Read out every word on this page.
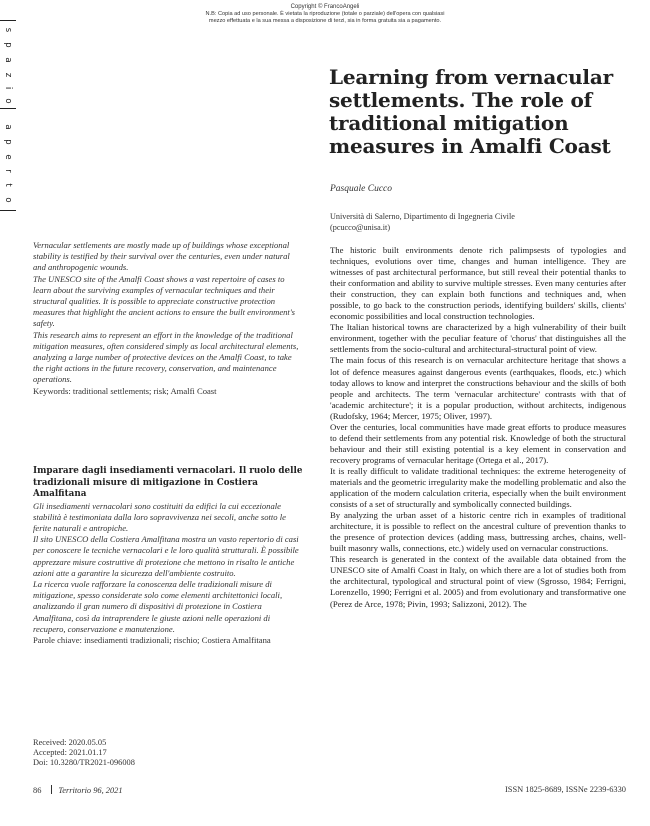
Copyright © FrancoAngeli
N.B: Copia ad uso personale. È vietata la riproduzione (totale o parziale) dell'opera con qualsiasi
mezzo effettuata e la sua messa a disposizione di terzi, sia in forma gratuita sia a pagamento.
s
p
a
z
i
o
a
p
e
r
t
o
Learning from vernacular settlements. The role of traditional mitigation measures in Amalfi Coast
Pasquale Cucco
Università di Salerno, Dipartimento di Ingegneria Civile
(pcucco@unisa.it)

Vernacular settlements are mostly made up of buildings whose exceptional stability is testified by their survival over the centuries, even under natural and anthropogenic wounds.

The UNESCO site of the Amalfi Coast shows a vast repertoire of cases to learn about the surviving examples of vernacular techniques and their structural qualities. It is possible to appreciate constructive protection measures that highlight the ancient actions to ensure the built environment's safety.

This research aims to represent an effort in the knowledge of the traditional mitigation measures, often considered simply as local architectural elements, analyzing a large number of protective devices on the Amalfi Coast, to take the right actions in the future recovery, conservation, and maintenance operations.

Keywords: traditional settlements; risk; Amalfi Coast

Imparare dagli insediamenti vernacolari. Il ruolo delle tradizionali misure di mitigazione in Costiera Amalfitana

Gli insediamenti vernacolari sono costituiti da edifici la cui eccezionale stabilità è testimoniata dalla loro sopravvivenza nei secoli, anche sotto le ferite naturali e antropiche.

Il sito UNESCO della Costiera Amalfitana mostra un vasto repertorio di casi per conoscere le tecniche vernacolari e le loro qualità strutturali. È possibile apprezzare misure costruttive di protezione che mettono in risalto le antiche azioni atte a garantire la sicurezza dell'ambiente costruito.

La ricerca vuole rafforzare la conoscenza delle tradizionali misure di mitigazione, spesso considerate solo come elementi architettonici locali, analizzando il gran numero di dispositivi di protezione in Costiera Amalfitana, così da intraprendere le giuste azioni nelle operazioni di recupero, conservazione e manutenzione.

Parole chiave: insediamenti tradizionali; rischio; Costiera Amalfitana
Received: 2020.05.05
Accepted: 2021.01.17
Doi: 10.3280/TR2021-096008

The historic built environments denote rich palimpsests of typologies and techniques, evolutions over time, changes and human intelligence. They are witnesses of past architectural performance, but still reveal their potential thanks to their conformation and ability to survive multiple stresses. Even many centuries after their construction, they can explain both functions and techniques and, when possible, to go back to the construction periods, identifying builders' skills, clients' economic possibilities and local construction technologies.

The Italian historical towns are characterized by a high vulnerability of their built environment, together with the peculiar feature of 'chorus' that distinguishes all the settlements from the socio-cultural and architectural-structural point of view.

The main focus of this research is on vernacular architecture heritage that shows a lot of defence measures against dangerous events (earthquakes, floods, etc.) which today allows to know and interpret the constructions behaviour and the skills of both people and architects. The term 'vernacular architecture' contrasts with that of 'academic architecture'; it is a popular production, without architects, indigenous (Rudofsky, 1964; Mercer, 1975; Oliver, 1997).

Over the centuries, local communities have made great efforts to produce measures to defend their settlements from any potential risk. Knowledge of both the structural behaviour and their still existing potential is a key element in conservation and recovery programs of vernacular heritage (Ortega et al., 2017).

It is really difficult to validate traditional techniques: the extreme heterogeneity of materials and the geometric irregularity make the modelling problematic and also the application of the modern calculation criteria, especially when the built environment consists of a set of structurally and symbolically connected buildings.

By analyzing the urban asset of a historic centre rich in examples of traditional architecture, it is possible to reflect on the ancestral culture of prevention thanks to the presence of protection devices (adding mass, buttressing arches, chains, well-built masonry walls, connections, etc.) widely used on vernacular constructions.

This research is generated in the context of the available data obtained from the UNESCO site of Amalfi Coast in Italy, on which there are a lot of studies both from the architectural, typological and structural point of view (Sgrosso, 1984; Ferrigni, Lorenzello, 1990; Ferrigni et al. 2005) and from evolutionary and transformative one (Perez de Arce, 1978; Pivin, 1993; Salizzoni, 2012). The

86 Territorio 96, 2021	ISSN 1825-8689, ISSNe 2239-6330
